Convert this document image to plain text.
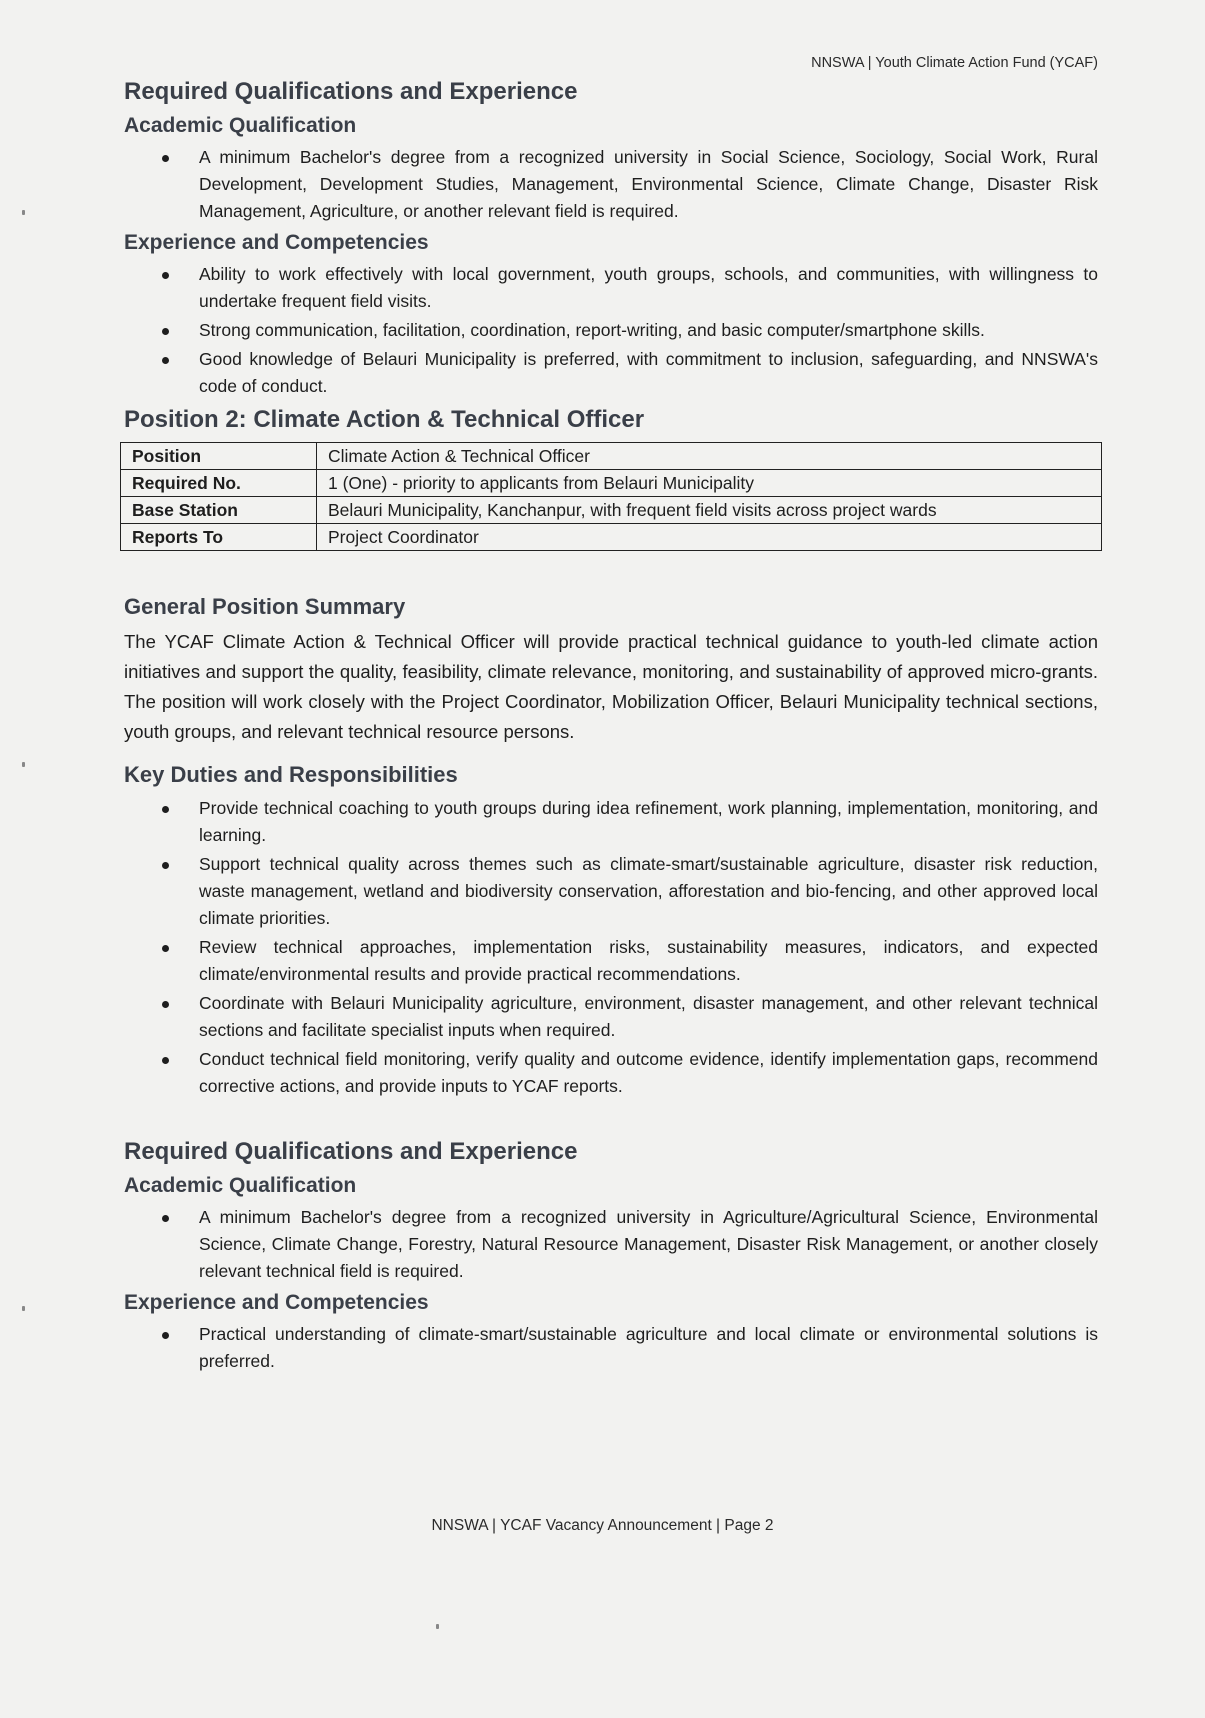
NNSWA | Youth Climate Action Fund (YCAF)
Required Qualifications and Experience
Academic Qualification
A minimum Bachelor's degree from a recognized university in Social Science, Sociology, Social Work, Rural Development, Development Studies, Management, Environmental Science, Climate Change, Disaster Risk Management, Agriculture, or another relevant field is required.
Experience and Competencies
Ability to work effectively with local government, youth groups, schools, and communities, with willingness to undertake frequent field visits.
Strong communication, facilitation, coordination, report-writing, and basic computer/smartphone skills.
Good knowledge of Belauri Municipality is preferred, with commitment to inclusion, safeguarding, and NNSWA's code of conduct.
Position 2: Climate Action & Technical Officer
Position	Climate Action & Technical Officer
Required No.	1 (One) - priority to applicants from Belauri Municipality
Base Station	Belauri Municipality, Kanchanpur, with frequent field visits across project wards
Reports To	Project Coordinator
General Position Summary

The YCAF Climate Action & Technical Officer will provide practical technical guidance to youth-led climate action initiatives and support the quality, feasibility, climate relevance, monitoring, and sustainability of approved micro-grants. The position will work closely with the Project Coordinator, Mobilization Officer, Belauri Municipality technical sections, youth groups, and relevant technical resource persons.

Key Duties and Responsibilities
Provide technical coaching to youth groups during idea refinement, work planning, implementation, monitoring, and learning.
Support technical quality across themes such as climate-smart/sustainable agriculture, disaster risk reduction, waste management, wetland and biodiversity conservation, afforestation and bio-fencing, and other approved local climate priorities.
Review technical approaches, implementation risks, sustainability measures, indicators, and expected climate/environmental results and provide practical recommendations.
Coordinate with Belauri Municipality agriculture, environment, disaster management, and other relevant technical sections and facilitate specialist inputs when required.
Conduct technical field monitoring, verify quality and outcome evidence, identify implementation gaps, recommend corrective actions, and provide inputs to YCAF reports.
Required Qualifications and Experience
Academic Qualification
A minimum Bachelor's degree from a recognized university in Agriculture/Agricultural Science, Environmental Science, Climate Change, Forestry, Natural Resource Management, Disaster Risk Management, or another closely relevant technical field is required.
Experience and Competencies
Practical understanding of climate-smart/sustainable agriculture and local climate or environmental solutions is preferred.
NNSWA | YCAF Vacancy Announcement | Page 2
